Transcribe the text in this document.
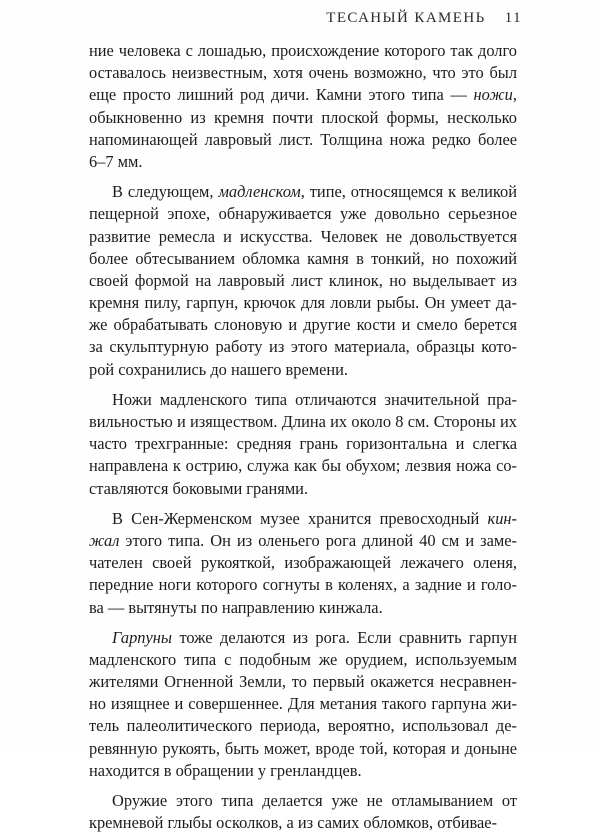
ТЕСАНЫЙ КАМЕНЬ 11
ние человека с лошадью, происхождение которого так долго
оставалось неизвестным, хотя очень возможно, что это был
еще просто лишний род дичи. Камни этого типа — ножи,
обыкновенно из кремня почти плоской формы, несколько
напоминающей лавровый лист. Толщина ножа редко более
6–7 мм.
В следующем, мадленском, типе, относящемся к великой
пещерной эпохе, обнаруживается уже довольно серьезное
развитие ремесла и искусства. Человек не довольствуется
более обтесыванием обломка камня в тонкий, но похожий
своей формой на лавровый лист клинок, но выделывает из
кремня пилу, гарпун, крючок для ловли рыбы. Он умеет да-
же обрабатывать слоновую и другие кости и смело берется
за скульптурную работу из этого материала, образцы кото-
рой сохранились до нашего времени.
Ножи мадленского типа отличаются значительной пра-
вильностью и изяществом. Длина их около 8 см. Стороны их
часто трехгранные: средняя грань горизонтальна и слегка
направлена к острию, служа как бы обухом; лезвия ножа со-
ставляются боковыми гранями.
В Сен-Жерменском музее хранится превосходный кин-
жал этого типа. Он из оленьего рога длиной 40 см и заме-
чателен своей рукояткой, изображающей лежачего оленя,
передние ноги которого согнуты в коленях, а задние и голо-
ва — вытянуты по направлению кинжала.
Гарпуны тоже делаются из рога. Если сравнить гарпун
мадленского типа с подобным же орудием, используемым
жителями Огненной Земли, то первый окажется несравнен-
но изящнее и совершеннее. Для метания такого гарпуна жи-
тель палеолитического периода, вероятно, использовал де-
ревянную рукоять, быть может, вроде той, которая и доныне
находится в обращении у гренландцев.
Оружие этого типа делается уже не отламыванием от
кремневой глыбы осколков, а из самих обломков, отбивае-
